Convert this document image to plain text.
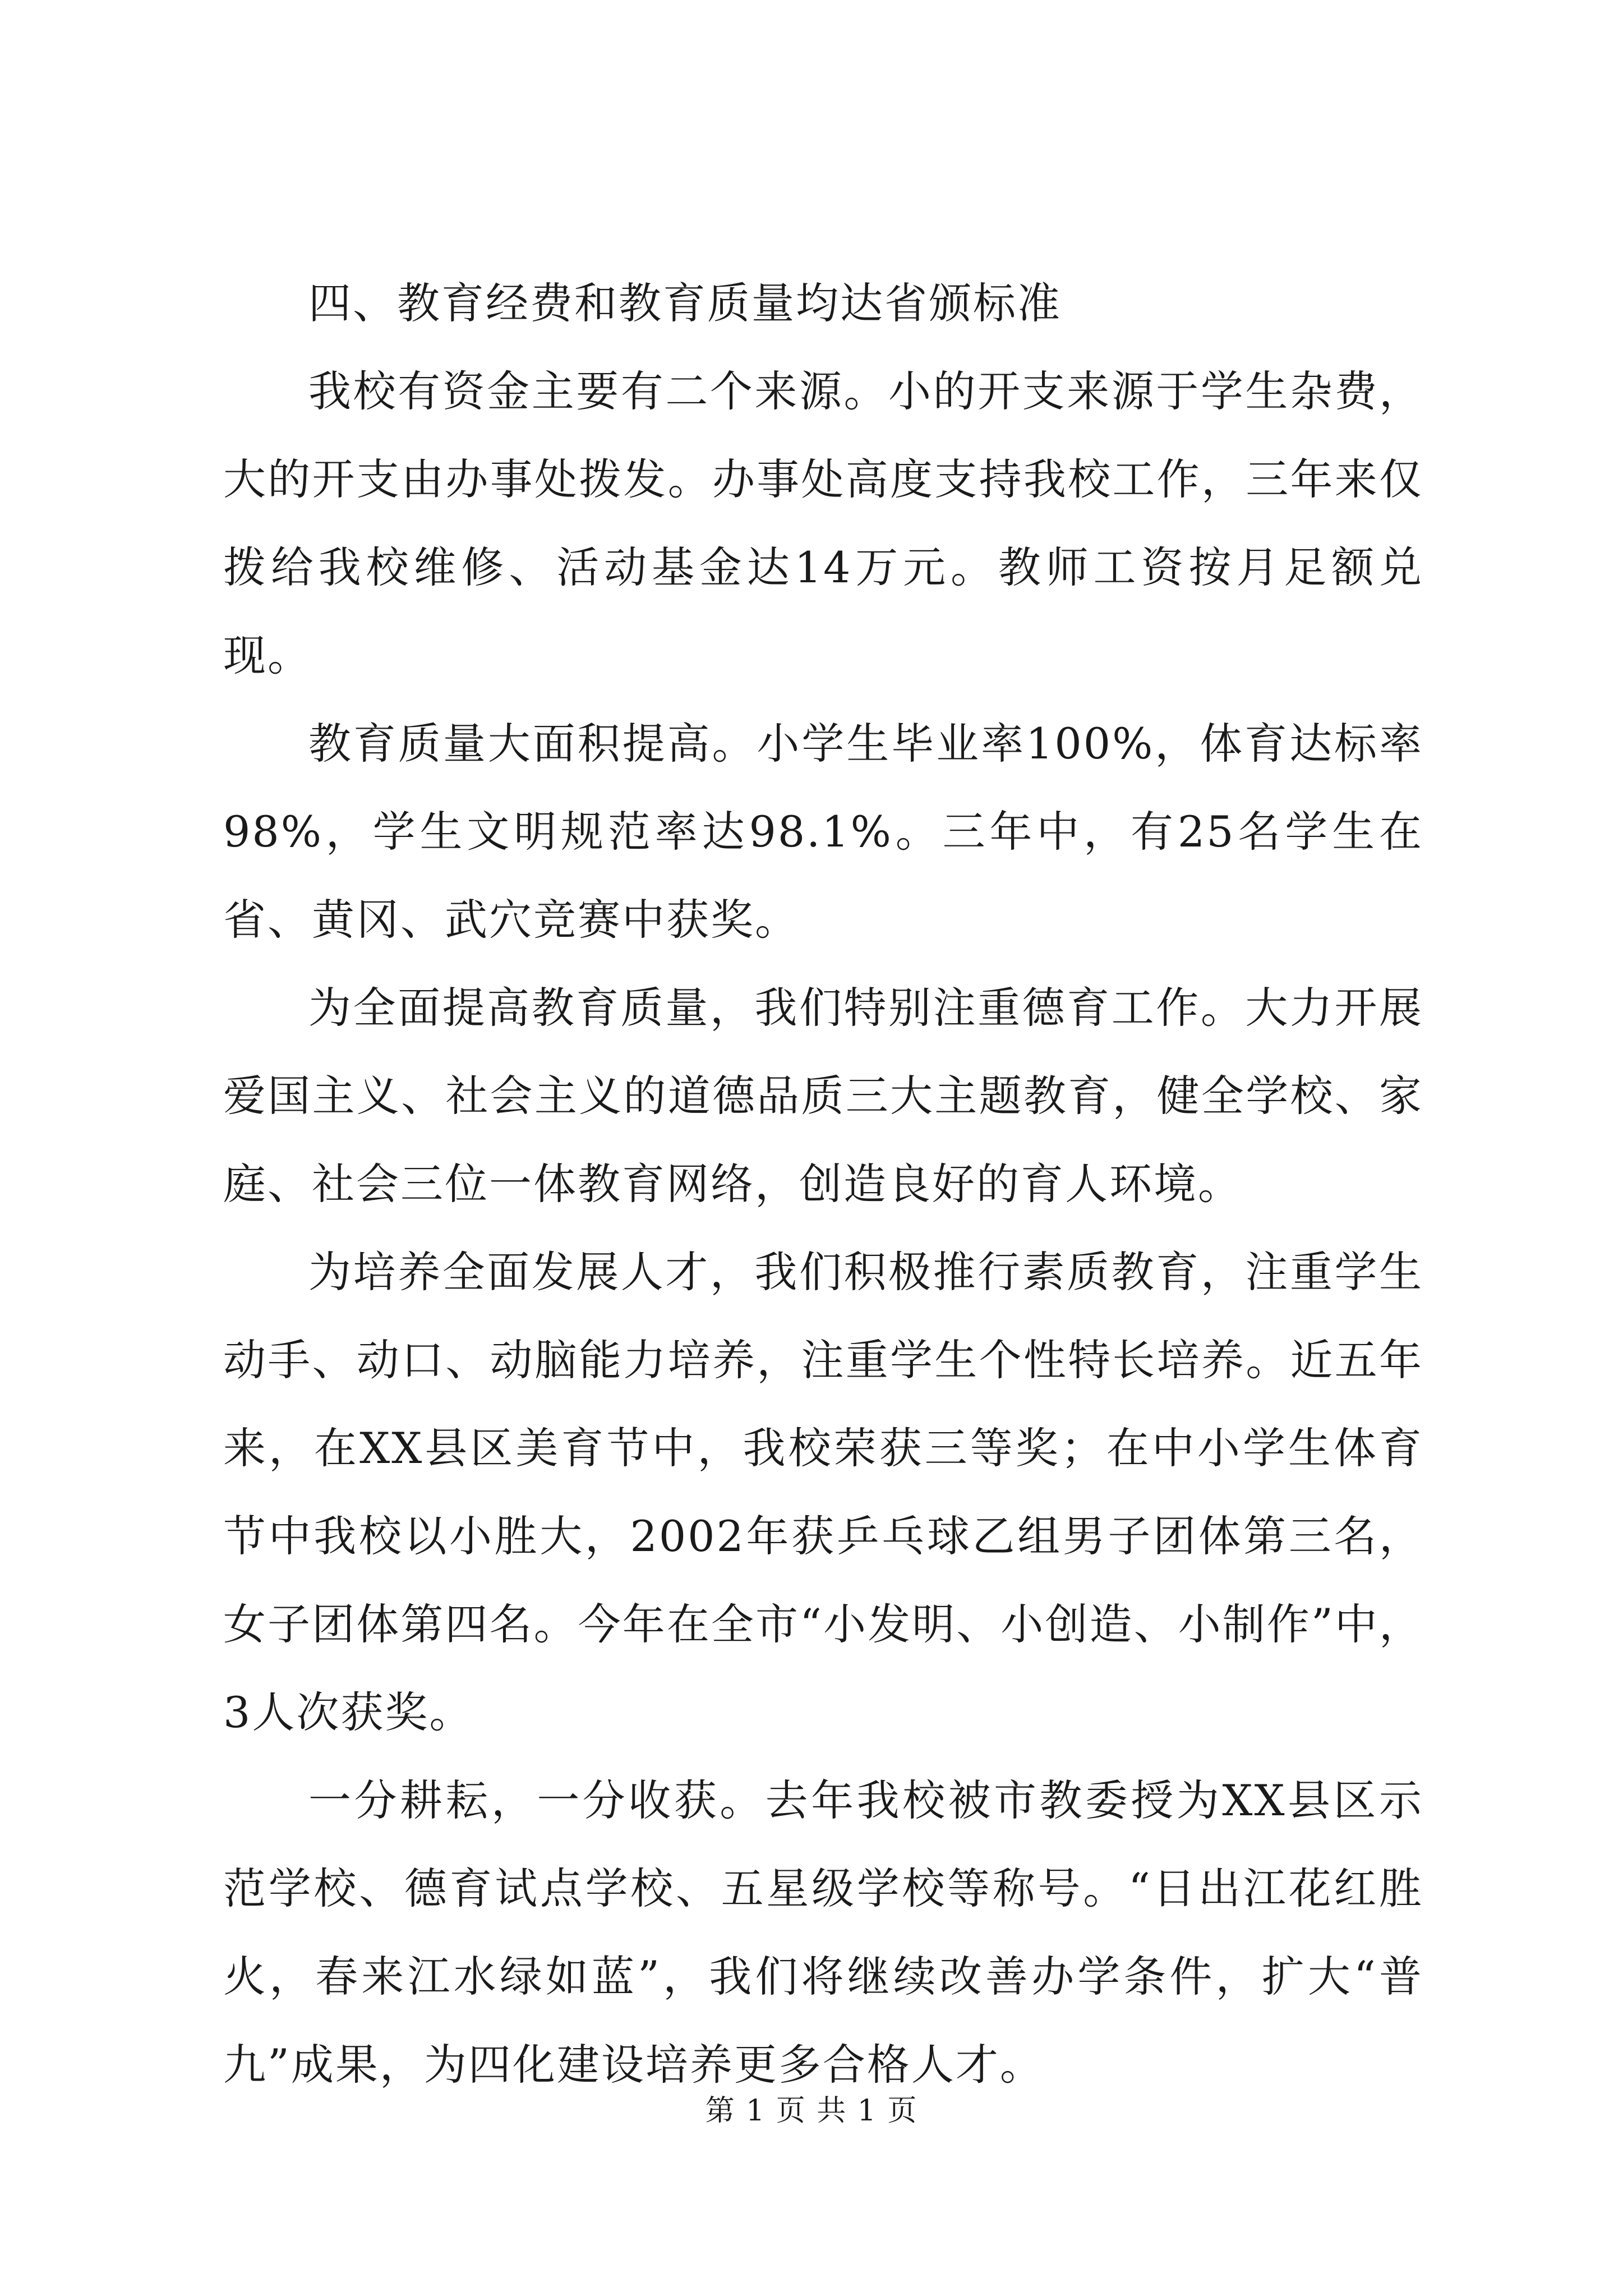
四、教育经费和教育质量均达省颁标准

我校有资金主要有二个来源。小的开支来源于学生杂费，大的开支由办事处拨发。办事处高度支持我校工作，三年来仅拨给我校维修、活动基金达14万元。教师工资按月足额兑现。

教育质量大面积提高。小学生毕业率100%，体育达标率98%，学生文明规范率达98.1%。三年中，有25名学生在省、黄冈、武穴竞赛中获奖。

为全面提高教育质量，我们特别注重德育工作。大力开展爱国主义、社会主义的道德品质三大主题教育，健全学校、家庭、社会三位一体教育网络，创造良好的育人环境。

为培养全面发展人才，我们积极推行素质教育，注重学生动手、动口、动脑能力培养，注重学生个性特长培养。近五年来，在XX县区美育节中，我校荣获三等奖；在中小学生体育节中我校以小胜大，2002年获乒乓球乙组男子团体第三名，女子团体第四名。今年在全市“小发明、小创造、小制作”中，3人次获奖。

一分耕耘，一分收获。去年我校被市教委授为XX县区示范学校、德育试点学校、五星级学校等称号。“日出江花红胜火，春来江水绿如蓝”，我们将继续改善办学条件，扩大“普九”成果，为四化建设培养更多合格人才。

第 1 页 共 1 页
